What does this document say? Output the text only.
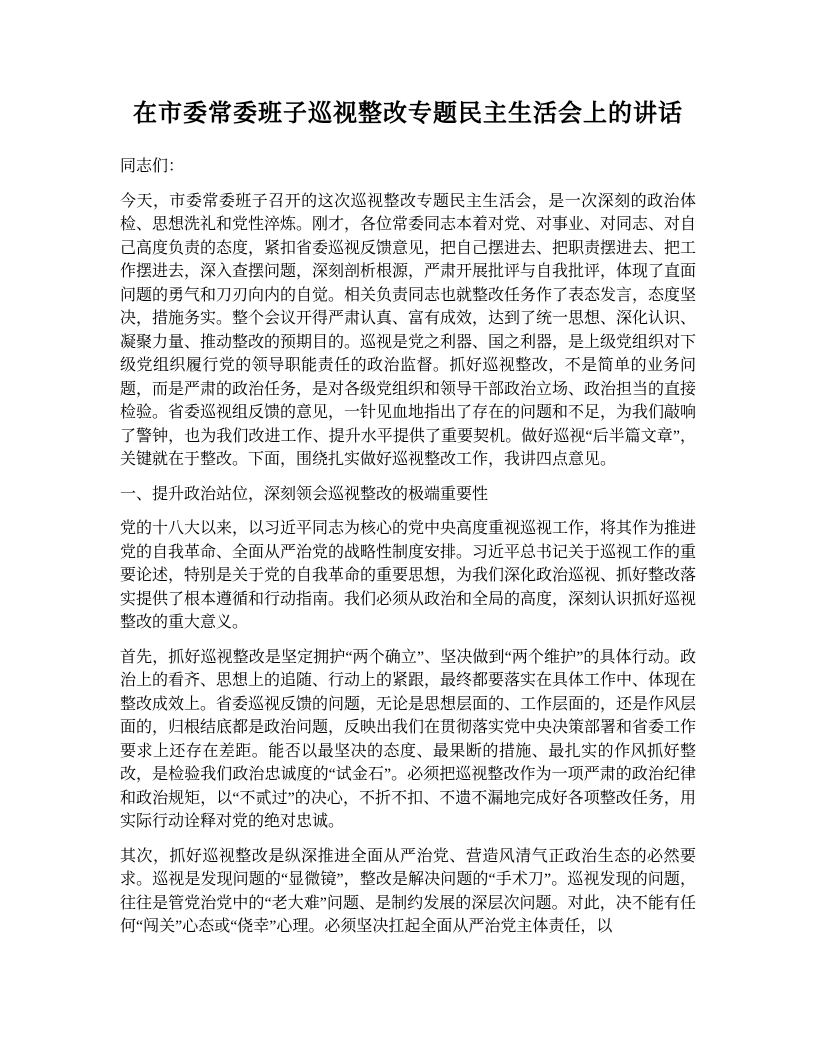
在市委常委班子巡视整改专题民主生活会上的讲话

同志们：

今天，市委常委班子召开的这次巡视整改专题民主生活会，是一次深刻的政治体检、思想洗礼和党性淬炼。刚才，各位常委同志本着对党、对事业、对同志、对自己高度负责的态度，紧扣省委巡视反馈意见，把自己摆进去、把职责摆进去、把工作摆进去，深入查摆问题，深刻剖析根源，严肃开展批评与自我批评，体现了直面问题的勇气和刀刃向内的自觉。相关负责同志也就整改任务作了表态发言，态度坚决，措施务实。整个会议开得严肃认真、富有成效，达到了统一思想、深化认识、凝聚力量、推动整改的预期目的。巡视是党之利器、国之利器，是上级党组织对下级党组织履行党的领导职能责任的政治监督。抓好巡视整改，不是简单的业务问题，而是严肃的政治任务，是对各级党组织和领导干部政治立场、政治担当的直接检验。省委巡视组反馈的意见，一针见血地指出了存在的问题和不足，为我们敲响了警钟，也为我们改进工作、提升水平提供了重要契机。做好巡视“后半篇文章”，关键就在于整改。下面，围绕扎实做好巡视整改工作，我讲四点意见。

一、提升政治站位，深刻领会巡视整改的极端重要性

党的十八大以来，以习近平同志为核心的党中央高度重视巡视工作，将其作为推进党的自我革命、全面从严治党的战略性制度安排。习近平总书记关于巡视工作的重要论述，特别是关于党的自我革命的重要思想，为我们深化政治巡视、抓好整改落实提供了根本遵循和行动指南。我们必须从政治和全局的高度，深刻认识抓好巡视整改的重大意义。

首先，抓好巡视整改是坚定拥护“两个确立”、坚决做到“两个维护”的具体行动。政治上的看齐、思想上的追随、行动上的紧跟，最终都要落实在具体工作中、体现在整改成效上。省委巡视反馈的问题，无论是思想层面的、工作层面的，还是作风层面的，归根结底都是政治问题，反映出我们在贯彻落实党中央决策部署和省委工作要求上还存在差距。能否以最坚决的态度、最果断的措施、最扎实的作风抓好整改，是检验我们政治忠诚度的“试金石”。必须把巡视整改作为一项严肃的政治纪律和政治规矩，以“不贰过”的决心，不折不扣、不遗不漏地完成好各项整改任务，用实际行动诠释对党的绝对忠诚。

其次，抓好巡视整改是纵深推进全面从严治党、营造风清气正政治生态的必然要求。巡视是发现问题的“显微镜”，整改是解决问题的“手术刀”。巡视发现的问题，往往是管党治党中的“老大难”问题、是制约发展的深层次问题。对此，决不能有任何“闯关”心态或“侥幸”心理。必须坚决扛起全面从严治党主体责任，以
